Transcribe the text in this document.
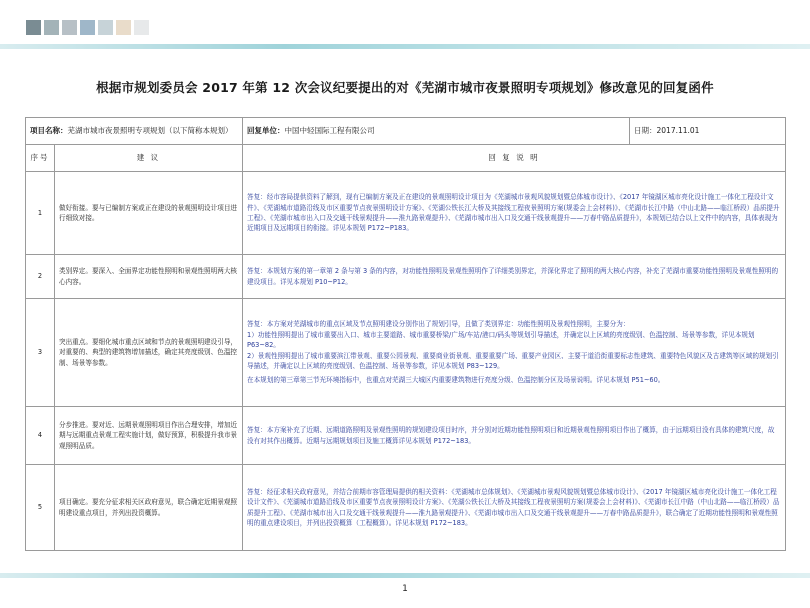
根据市规划委员会 2017 年第 12 次会议纪要提出的对《芜湖市城市夜景照明专项规划》修改意见的回复函件
项目名称：芜湖市城市夜景照明专项规划（以下简称本规划）		回复单位：中国中轻国际工程有限公司	日期：2017.11.01
序号	建 议	回 复 说 明	
1	做好衔接。要与已编制方案或正在建设的景观照明设计项目进行细致对接。	答复：经市容局提供资料了解到，现有已编制方案及正在建设的景观照明设计项目为《芜湖城市景观风貌规划暨总体城市设计》、《2017 年镜湖区城市亮化设计施工一体化工程设计文件》、《芜湖城市道路沿线及市区重要节点夜景照明设计方案》、《芜湖公铁长江大桥及其接线工程夜景照明方案(规委会上会材料)》、《芜湖市长江中路（中山北路——临江桥段）品质提升工程》、《芜湖市城市出入口及交通干线景观提升——淮九路景观提升》、《芜湖市城市出入口及交通干线景观提升——万春中路品质提升》，本规划已结合以上文件中的内容，具体表现为近期项目及远期项目的衔接。详见本规划 P172~P183。	
2	类别界定。要深入、全面界定功能性照明和景观性照明两大核心内容。	答复：本规划方案的第一章第 2 条与第 3 条的内容，对功能性照明及景观性照明作了详细类别界定，并深化界定了照明的两大核心内容，补充了芜湖市重要功能性照明及景观性照明的建设项目。详见本规划 P10~P12。	
3	突出重点。要细化城市重点区域和节点的景观照明建设引导，对重要的、典型的建筑物增加描述，确定其亮度级别、色温控制、场景等参数。	答复：本方案对芜湖城市的重点区域及节点照明建设分别作出了规划引导，且做了类别界定：功能性照明及景观性照明，主要分为：
1）功能性照明提出了城市重要出入口、城市主要道路、城市重要桥梁/广场/车站/港口/码头等规划引导描述，并确定以上区域的亮度级别、色温控制、场景等参数，详见本规划 P63~82。
2）景观性照明提出了城市重要滨江带景观、重要公园景观、重要商业街景观、重要重要广场、重要产业园区、主要干道沿街重要标志性建筑、重要特色风貌区及古建筑等区域的规划引导描述，并确定以上区域的亮度级别、色温控制、场景等参数，详见本规划 P83~129。
在本规划的第三章第三节光环境指标中，也重点对芜湖三大城区内重要建筑物进行亮度分级、色温控制分区及场景说明。详见本规划 P51~60。	

4	分步推进。要对近、远期景观照明项目作出合理安排，增加近期与远期重点景观工程实施计划，做好预算，积极提升我市景观照明品质。	答复：本方案补充了近期、远期道路照明及景观性照明的规划建设项目时序，并分别对近期功能性照明项目和近期景观性照明项目作出了概算，由于远期项目没有具体的建筑尺度，故没有对其作出概算。近期与远期规划项目及施工概算详见本规划 P172~183。	
5	项目确定。要充分征求相关区政府意见，联合确定近期景观照明建设重点项目，并列出投资概算。	答复：经征求相关政府意见，并结合前期市容管理局提供的相关资料：《芜湖城市总体规划》、《芜湖城市景观风貌规划暨总体城市设计》、《2017 年镜湖区城市亮化设计施工一体化工程设计文件》、《芜湖城市道路沿线及市区重要节点夜景照明设计方案》、《芜湖公铁长江大桥及其接线工程夜景照明方案(规委会上会材料)》、《芜湖市长江中路（中山北路——临江桥段）品质提升工程》、《芜湖市城市出入口及交通干线景观提升——淮九路景观提升》、《芜湖市城市出入口及交通干线景观提升——万春中路品质提升》，联合确定了近期功能性照明和景观性照明的重点建设项目，并列出投资概算（工程概算）。详见本规划 P172~183。	
1
